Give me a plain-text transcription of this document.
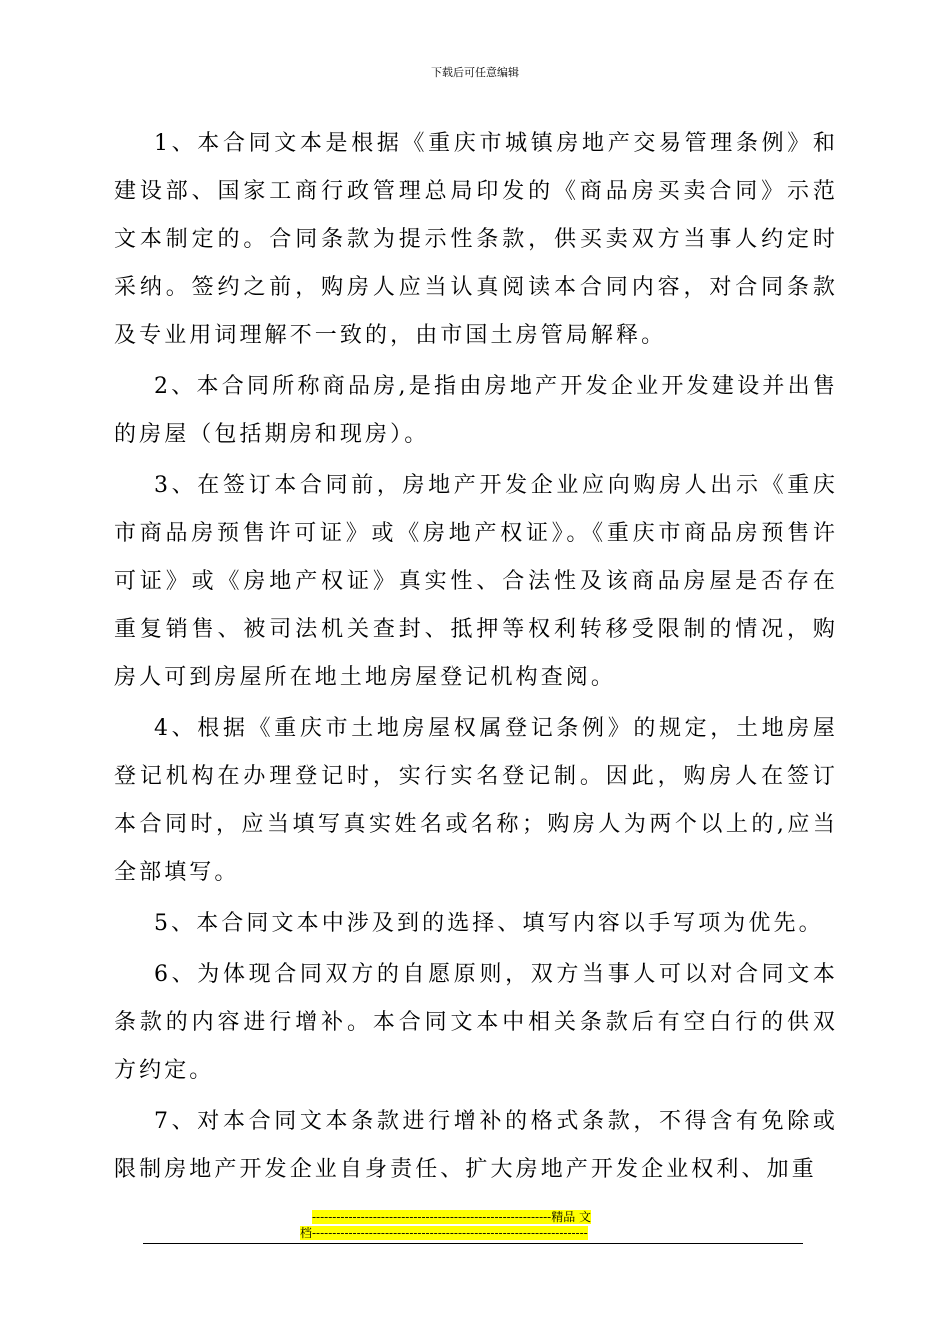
下载后可任意编辑

1、本合同文本是根据《重庆市城镇房地产交易管理条例》和建设部、国家工商行政管理总局印发的《商品房买卖合同》示范文本制定的。合同条款为提示性条款，供买卖双方当事人约定时采纳。签约之前，购房人应当认真阅读本合同内容，对合同条款及专业用词理解不一致的，由市国土房管局解释。

2、本合同所称商品房,是指由房地产开发企业开发建设并出售的房屋（包括期房和现房）。

3、在签订本合同前，房地产开发企业应向购房人出示《重庆市商品房预售许可证》或《房地产权证》。《重庆市商品房预售许可证》或《房地产权证》真实性、合法性及该商品房屋是否存在重复销售、被司法机关查封、抵押等权利转移受限制的情况，购房人可到房屋所在地土地房屋登记机构查阅。

4、根据《重庆市土地房屋权属登记条例》的规定，土地房屋登记机构在办理登记时，实行实名登记制。因此，购房人在签订本合同时，应当填写真实姓名或名称；购房人为两个以上的,应当全部填写。

5、本合同文本中涉及到的选择、填写内容以手写项为优先。

6、为体现合同双方的自愿原则，双方当事人可以对合同文本条款的内容进行增补。本合同文本中相关条款后有空白行的供双方约定。

7、对本合同文本条款进行增补的格式条款，不得含有免除或限制房地产开发企业自身责任、扩大房地产开发企业权利、加重

-----------------------------------------------------------精品 文
档--------------------------------------------------------------------
